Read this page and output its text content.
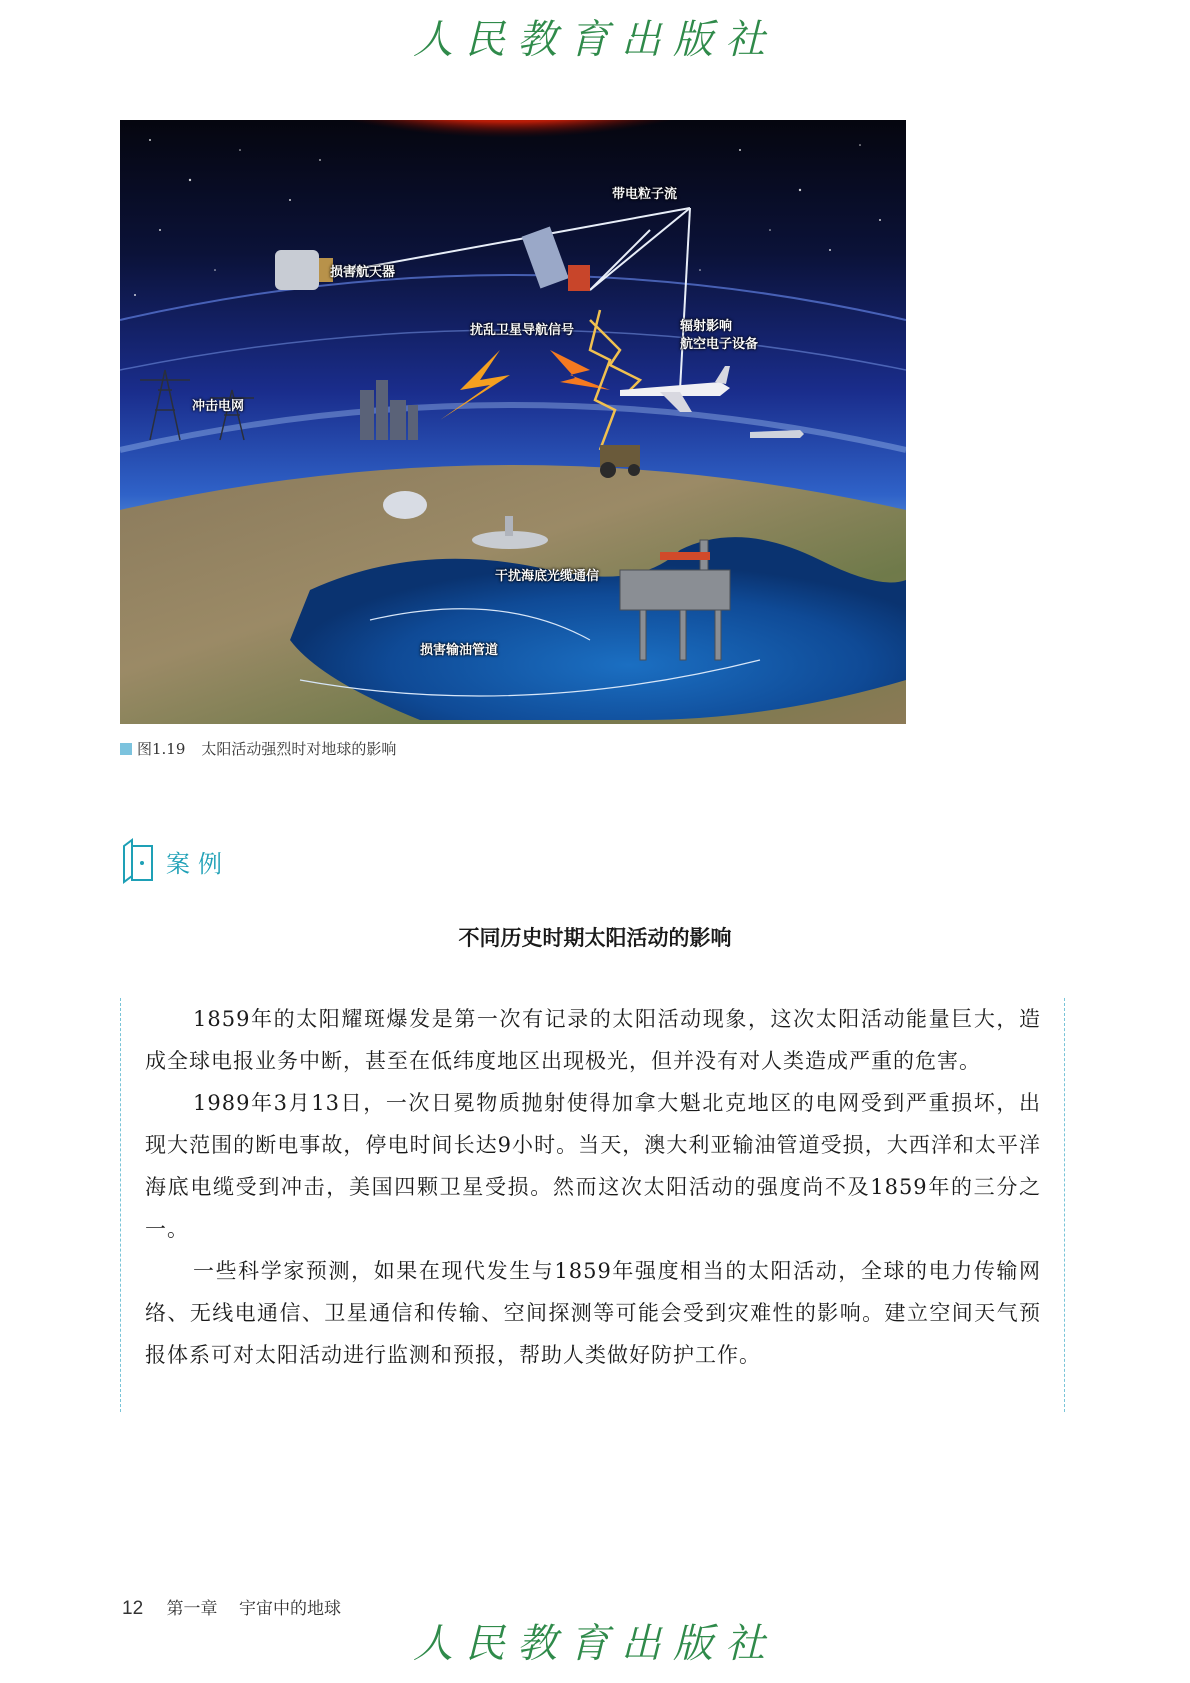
人民教育出版社
带电粒子流
损害航天器
扰乱卫星导航信号	辐射影响
航空电子设备
冲击电网
干扰海底光缆通信
损害输油管道
图1.19 太阳活动强烈时对地球的影响
案例
不同历史时期太阳活动的影响

1859年的太阳耀斑爆发是第一次有记录的太阳活动现象，这次太阳活动能量巨大，造成全球电报业务中断，甚至在低纬度地区出现极光，但并没有对人类造成严重的危害。

1989年3月13日，一次日冕物质抛射使得加拿大魁北克地区的电网受到严重损坏，出现大范围的断电事故，停电时间长达9小时。当天，澳大利亚输油管道受损，大西洋和太平洋海底电缆受到冲击，美国四颗卫星受损。然而这次太阳活动的强度尚不及1859年的三分之一。

一些科学家预测，如果在现代发生与1859年强度相当的太阳活动，全球的电力传输网络、无线电通信、卫星通信和传输、空间探测等可能会受到灾难性的影响。建立空间天气预报体系可对太阳活动进行监测和预报，帮助人类做好防护工作。

12 第一章 宇宙中的地球
人民教育出版社
